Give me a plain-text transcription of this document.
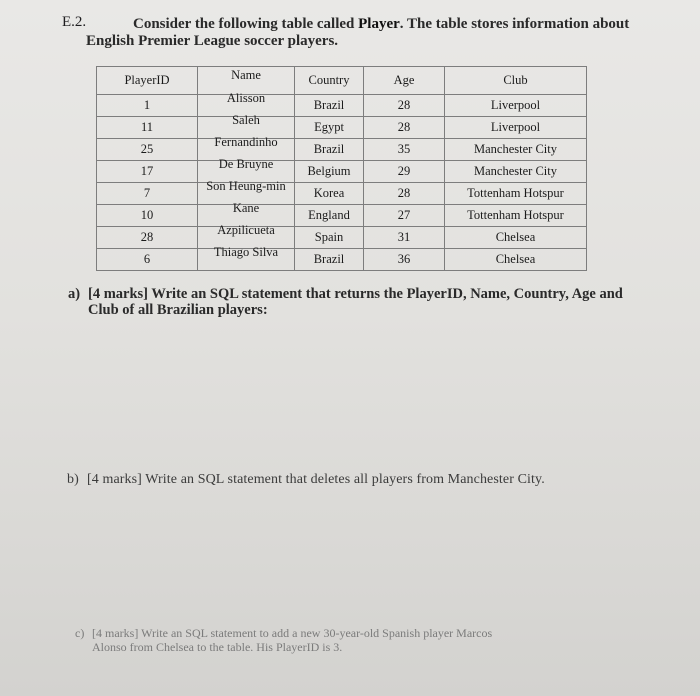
E.2.	Consider the following table called Player. The table stores information about
English Premier League soccer players.
PlayerID	Name	Country	Age	Club
1	Alisson	Brazil	28	Liverpool
11	Saleh	Egypt	28	Liverpool
25	Fernandinho	Brazil	35	Manchester City
17	De Bruyne	Belgium	29	Manchester City
7	Son Heung-min	Korea	28	Tottenham Hotspur
10	Kane	England	27	Tottenham Hotspur
28	Azpilicueta	Spain	31	Chelsea
6	Thiago Silva	Brazil	36	Chelsea
a) [4 marks] Write an SQL statement that returns the PlayerID, Name, Country, Age and
Club of all Brazilian players:
b) [4 marks] Write an SQL statement that deletes all players from Manchester City.
c) [4 marks] Write an SQL statement to add a new 30-year-old Spanish player Marcos
Alonso from Chelsea to the table. His PlayerID is 3.
